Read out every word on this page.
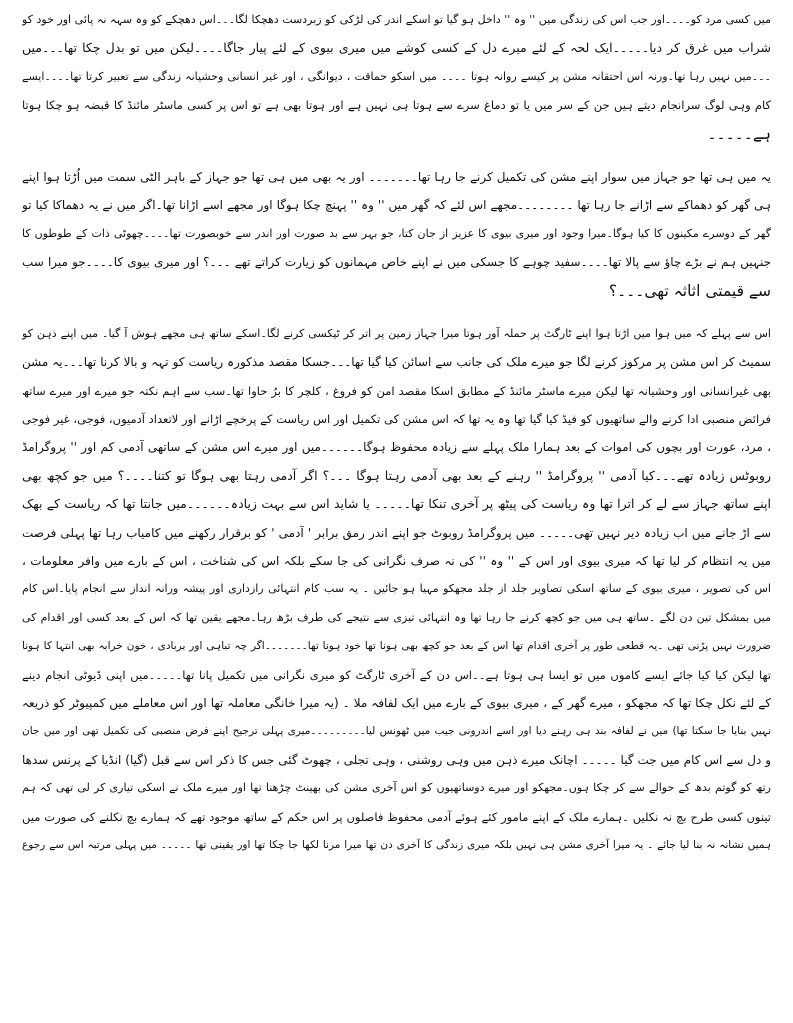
میں کسی مرد کو۔۔۔۔اور جب اس کی زندگی میں '' وہ '' داخل ہو گیا تو اسکے اندر کی لڑکی کو زبردست دھچکا لگا۔۔۔اس دھچکے کو وہ سہہ نہ پائی اور خود کو
شراب میں غرق کر دیا۔۔۔۔۔ایک لحہ کے لئے میرے دل کے کسی کوشے میں میری بیوی کے لئے پیار جاگا۔۔۔۔لیکن میں تو بدل چکا تھا۔۔۔میں
۔۔۔میں نہیں رہا تھا۔ورنہ اس احتقانہ مشن پر کیسے روانہ ہوتا ۔۔۔۔ میں اسکو حماقت ، دیوانگی ، اور غیر انسانی وحشیانہ زندگی سے تعبیر کرتا تھا۔۔۔۔ایسے
کام وہی لوگ سرانجام دیتے ہیں جن کے سر میں یا تو دماغ سرے سے ہوتا ہی نہیں ہے اور ہوتا بھی ہے تو اس پر کسی ماسٹر مائنڈ کا قبضہ ہو چکا ہوتا
ہے۔۔۔۔۔
یہ میں ہی تھا جو جہاز میں سوار اپنے مشن کی تکمیل کرنے جا رہا تھا۔۔۔۔۔۔۔ اور یہ بھی میں ہی تھا جو جہاز کے باہر الٹی سمت میں اُڑتا ہوا اپنے
ہی گھر کو دھماکے سے اڑانے جا رہا تھا ۔۔۔۔۔۔۔۔مجھے اس لئے کہ گھر میں '' وہ '' پہنچ چکا ہوگا اور مجھے اسے اڑانا تھا۔اگر میں نے یہ دھماکا کیا تو
گھر کے دوسرے مکینوں کا کیا ہوگا۔میرا وجود اور میری بیوی کا عزیز از جان کتا، جو بہر سے بد صورت اور اندر سے خوبصورت تھا۔۔۔۔چھوٹی ذات کے طوطوں کا
جنہیں ہم نے بڑے چاؤ سے پالا تھا۔۔۔۔سفید چوہے کا جسکی میں نے اپنے خاص مہمانوں کو زیارت کراتے تھے ۔۔۔؟ اور میری بیوی کا۔۔۔۔جو میرا سب
سے قیمتی اثاثہ تھی۔۔۔؟
اس سے پہلے کہ میں ہوا میں اڑتا ہوا اپنے ٹارگٹ پر حملہ آور ہوتا میرا جہاز زمین پر اتر کر ٹیکسی کرنے لگا۔اسکے ساتھ ہی مجھے ہوش آ گیا۔ میں اپنے ذہن کو
سمیٹ کر اس مشن پر مرکوز کرنے لگا جو میرے ملک کی جانب سے اسائن کیا گیا تھا۔۔۔جسکا مقصد مذکورہ ریاست کو تہہ و بالا کرنا تھا۔۔۔یہ مشن
بھی غیرانسانی اور وحشیانہ تھا لیکن میرے ماسٹر مائنڈ کے مطابق اسکا مقصد امن کو فروغ ، کلچر کا برُ حاوا تھا۔سب سے اہم نکتہ جو میرے اور میرے ساتھ
فرائض منصبی ادا کرنے والے ساتھیوں کو فیڈ کیا گیا تھا وہ یہ تھا کہ اس مشن کی تکمیل اور اس ریاست کے پرخچے اڑانے اور لاتعداد آدمیوں، فوجی، غیر فوجی
، مرد، عورت اور بچوں کی اموات کے بعد ہمارا ملک پہلے سے زیادہ محفوظ ہوگا۔۔۔۔۔۔میں اور میرے اس مشن کے ساتھی آدمی کم اور '' پروگرامڈ
روبوٹس زیادہ تھے۔۔۔کیا آدمی '' پروگرامڈ '' رہنے کے بعد بھی آدمی رہتا ہوگا ۔۔۔؟ اگر آدمی رہتا بھی ہوگا تو کتنا۔۔۔۔؟ میں جو کچھ بھی
اپنے ساتھ جہاز سے لے کر اترا تھا وہ ریاست کی پیٹھ پر آخری تنکا تھا۔۔۔۔۔ یا شاید اس سے بہت زیادہ۔۔۔۔۔۔میں جانتا تھا کہ ریاست کے بھک
سے اڑ جانے میں اب زیادہ دیر نہیں تھی۔۔۔۔۔ میں پروگرامڈ روبوٹ جو اپنے اندر رمق برابر ' آدمی ' کو برقرار رکھنے میں کامیاب رہا تھا پہلی فرصت
میں یہ انتظام کر لیا تھا کہ میری بیوی اور اس کے '' وہ '' کی نہ صرف نگرانی کی جا سکے بلکہ اس کی شناخت ، اس کے بارے میں وافر معلومات ،
اس کی تصویر ، میری بیوی کے ساتھ اسکی تصاویر جلد از جلد مجھکو مہیا ہو جائیں ۔ یہ سب کام انتہائی رازداری اور پیشہ ورانہ انداز سے انجام پایا۔اس کام
میں بمشکل تین دن لگے ۔ساتھ ہی میں جو کچھ کرنے جا رہا تھا وہ انتہائی تیزی سے نتیجے کی طرف بڑھ رہا۔مجھے یقین تھا کہ اس کے بعد کسی اور اقدام کی
ضرورت نہیں پڑنی تھی ۔یہ قطعی طور پر آخری اقدام تھا اس کے بعد جو کچھ بھی ہونا تھا خود ہونا تھا۔۔۔۔۔۔۔اگر چہ تباہی اور بربادی ، خون خرابہ بھی انتہا کا ہونا
تھا لیکن کیا کیا جائے ایسے کاموں میں تو ایسا ہی ہوتا ہے۔۔اس دن کے آخری ٹارگٹ کو میری نگرانی میں تکمیل پانا تھا۔۔۔۔۔میں اپنی ڈیوٹی انجام دینے
کے لئے نکل چکا تھا کہ مجھکو ، میرے گھر کے ، میری بیوی کے بارے میں ایک لفافہ ملا ۔ (یہ میرا خانگی معاملہ تھا اور اس معاملے میں کمپیوٹر کو ذریعہ
نہیں بنایا جا سکتا تھا) میں نے لفافہ بند ہی رہنے دیا اور اسے اندرونی جیب میں ٹھونس لیا۔۔۔۔۔۔۔۔۔میری پہلی ترجیح اپنے فرض منصبی کی تکمیل تھی اور میں جان
و دل سے اس کام میں جت گیا ۔۔۔۔۔ اچانک میرے ذہن میں وہی روشنی ، وہی تجلی ، چھوٹ گئی جس کا ذکر اس سے قبل (گیا) انڈیا کے پرنس سدھا
رتھ کو گوتم بدھ کے حوالے سے کر چکا ہوں۔مجھکو اور میرے دوساتھیوں کو اس آخری مشن کی بھینٹ چڑھنا تھا اور میرے ملک نے اسکی تیاری کر لی تھی کہ ہم
تینوں کسی طرح بچ نہ نکلیں ۔ہمارے ملک کے اپنے مامور کئے ہوئے آدمی محفوظ فاصلوں پر اس حکم کے ساتھ موجود تھے کہ ہمارے بچ نکلنے کی صورت میں
ہمیں نشانہ نہ بنا لیا جائے ۔ یہ میرا آخری مشن ہی نہیں بلکہ میری زندگی کا آخری دن تھا میرا مرنا لکھا جا چکا تھا اور یقینی تھا ۔۔۔۔۔ میں پہلی مرتبہ اس سے رجوع
